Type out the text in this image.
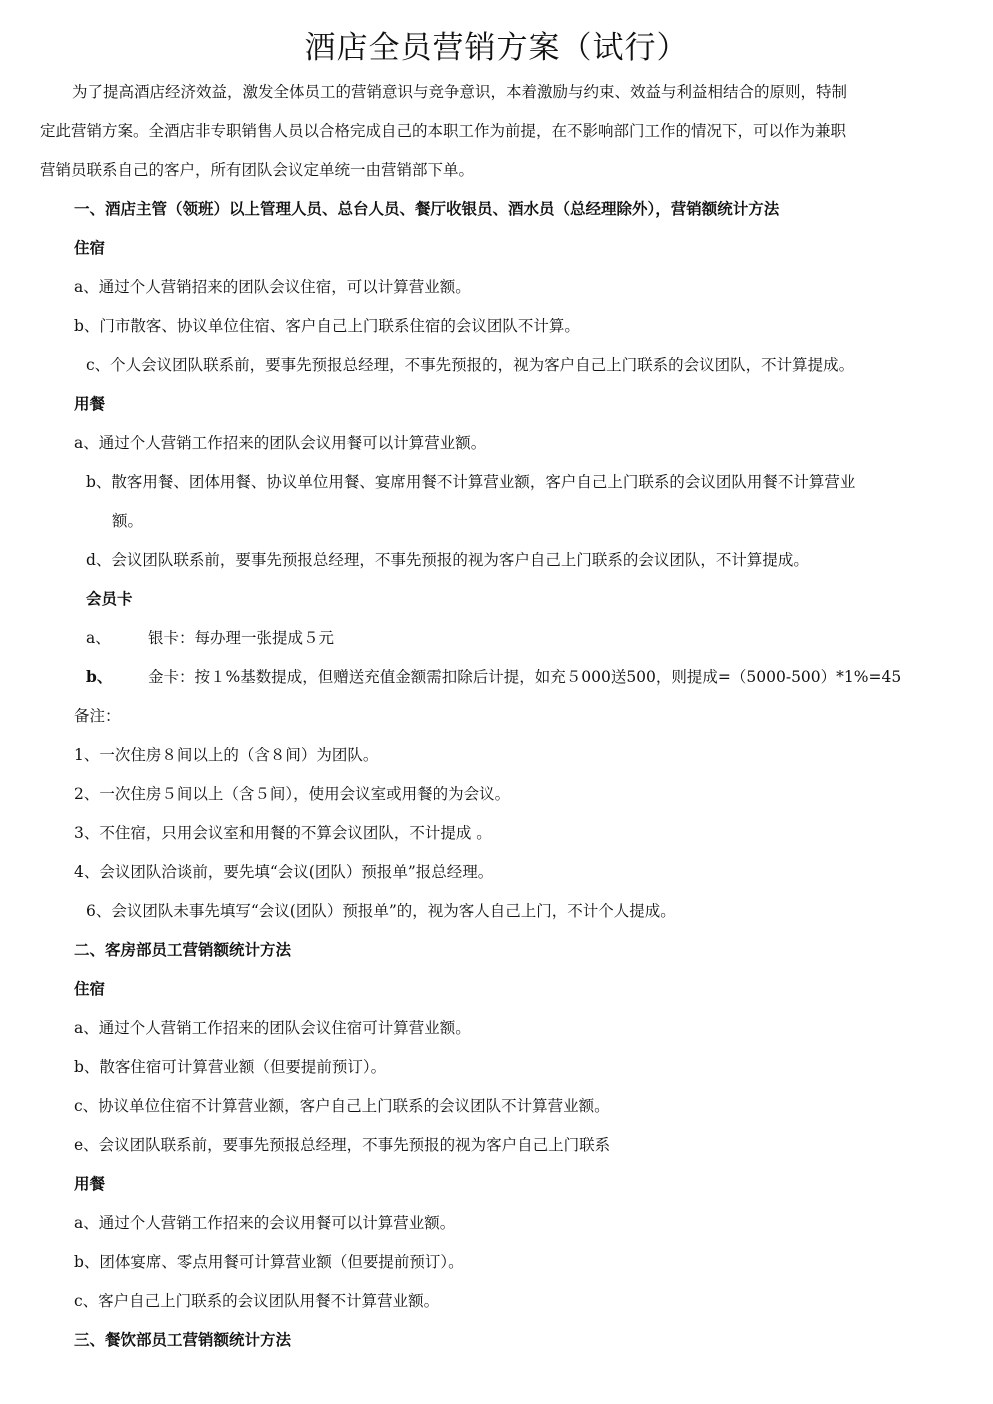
酒店全员营销方案（试行）
为了提高酒店经济效益，激发全体员工的营销意识与竞争意识，本着激励与约束、效益与利益相结合的原则，特制
定此营销方案。全酒店非专职销售人员以合格完成自己的本职工作为前提，在不影响部门工作的情况下，可以作为兼职
营销员联系自己的客户，所有团队会议定单统一由营销部下单。
一、酒店主管（领班）以上管理人员、总台人员、餐厅收银员、酒水员（总经理除外），营销额统计方法
住宿
a、通过个人营销招来的团队会议住宿，可以计算营业额。
b、门市散客、协议单位住宿、客户自己上门联系住宿的会议团队不计算。
c、个人会议团队联系前，要事先预报总经理，不事先预报的，视为客户自己上门联系的会议团队，不计算提成。
用餐
a、通过个人营销工作招来的团队会议用餐可以计算营业额。
b、散客用餐、团体用餐、协议单位用餐、宴席用餐不计算营业额，客户自己上门联系的会议团队用餐不计算营业
额。
d、会议团队联系前，要事先预报总经理，不事先预报的视为客户自己上门联系的会议团队，不计算提成。
会员卡
a、 银卡：每办理一张提成５元
b、 金卡：按１%基数提成，但赠送充值金额需扣除后计提，如充５000送500，则提成=（5000-500）*1%=45
备注：
1、一次住房８间以上的（含８间）为团队。
2、一次住房５间以上（含５间），使用会议室或用餐的为会议。
3、不住宿，只用会议室和用餐的不算会议团队，不计提成 。
4、会议团队洽谈前，要先填“会议(团队）预报单”报总经理。
6、会议团队未事先填写“会议(团队）预报单”的，视为客人自己上门，不计个人提成。
二、客房部员工营销额统计方法
住宿
a、通过个人营销工作招来的团队会议住宿可计算营业额。
b、散客住宿可计算营业额（但要提前预订）。
c、协议单位住宿不计算营业额，客户自己上门联系的会议团队不计算营业额。
e、会议团队联系前，要事先预报总经理，不事先预报的视为客户自己上门联系
用餐
a、通过个人营销工作招来的会议用餐可以计算营业额。
b、团体宴席、零点用餐可计算营业额（但要提前预订）。
c、客户自己上门联系的会议团队用餐不计算营业额。
三、餐饮部员工营销额统计方法
